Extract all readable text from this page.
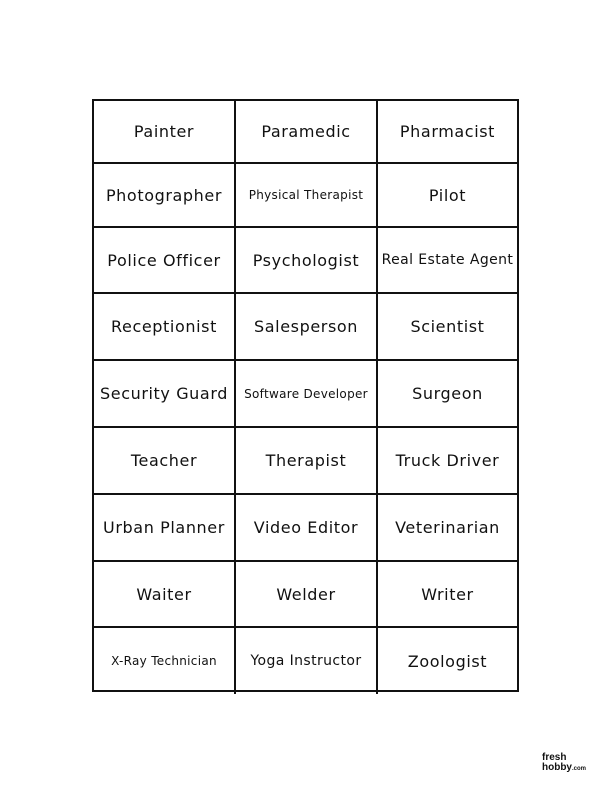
Painter	Paramedic	Pharmacist
Photographer	Physical Therapist	Pilot
Police Officer	Psychologist	Real Estate Agent
Receptionist	Salesperson	Scientist
Security Guard	Software Developer	Surgeon
Teacher	Therapist	Truck Driver
Urban Planner	Video Editor	Veterinarian
Waiter	Welder	Writer
X-Ray Technician	Yoga Instructor	Zoologist
fresh
hobby.com
